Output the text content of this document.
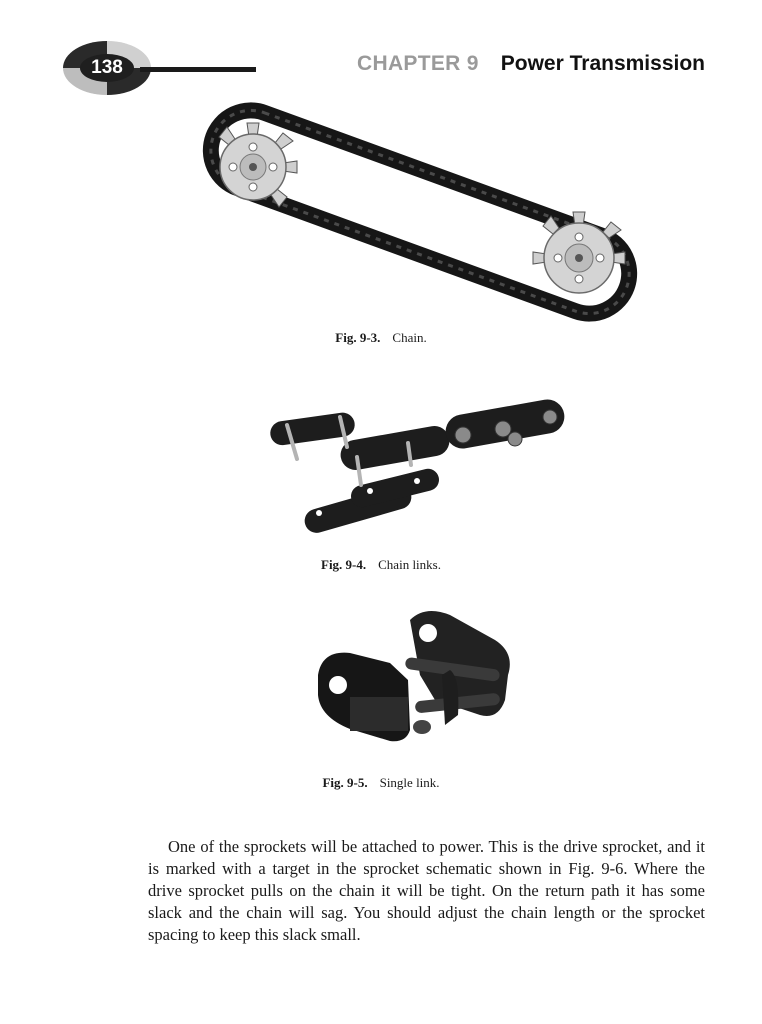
138	CHAPTER 9 Power Transmission
Fig. 9-3. Chain.
Fig. 9-4. Chain links.
Fig. 9-5. Single link.

One of the sprockets will be attached to power. This is the drive sprocket, and it is marked with a target in the sprocket schematic shown in Fig. 9-6. Where the drive sprocket pulls on the chain it will be tight. On the return path it has some slack and the chain will sag. You should adjust the chain length or the sprocket spacing to keep this slack small.
